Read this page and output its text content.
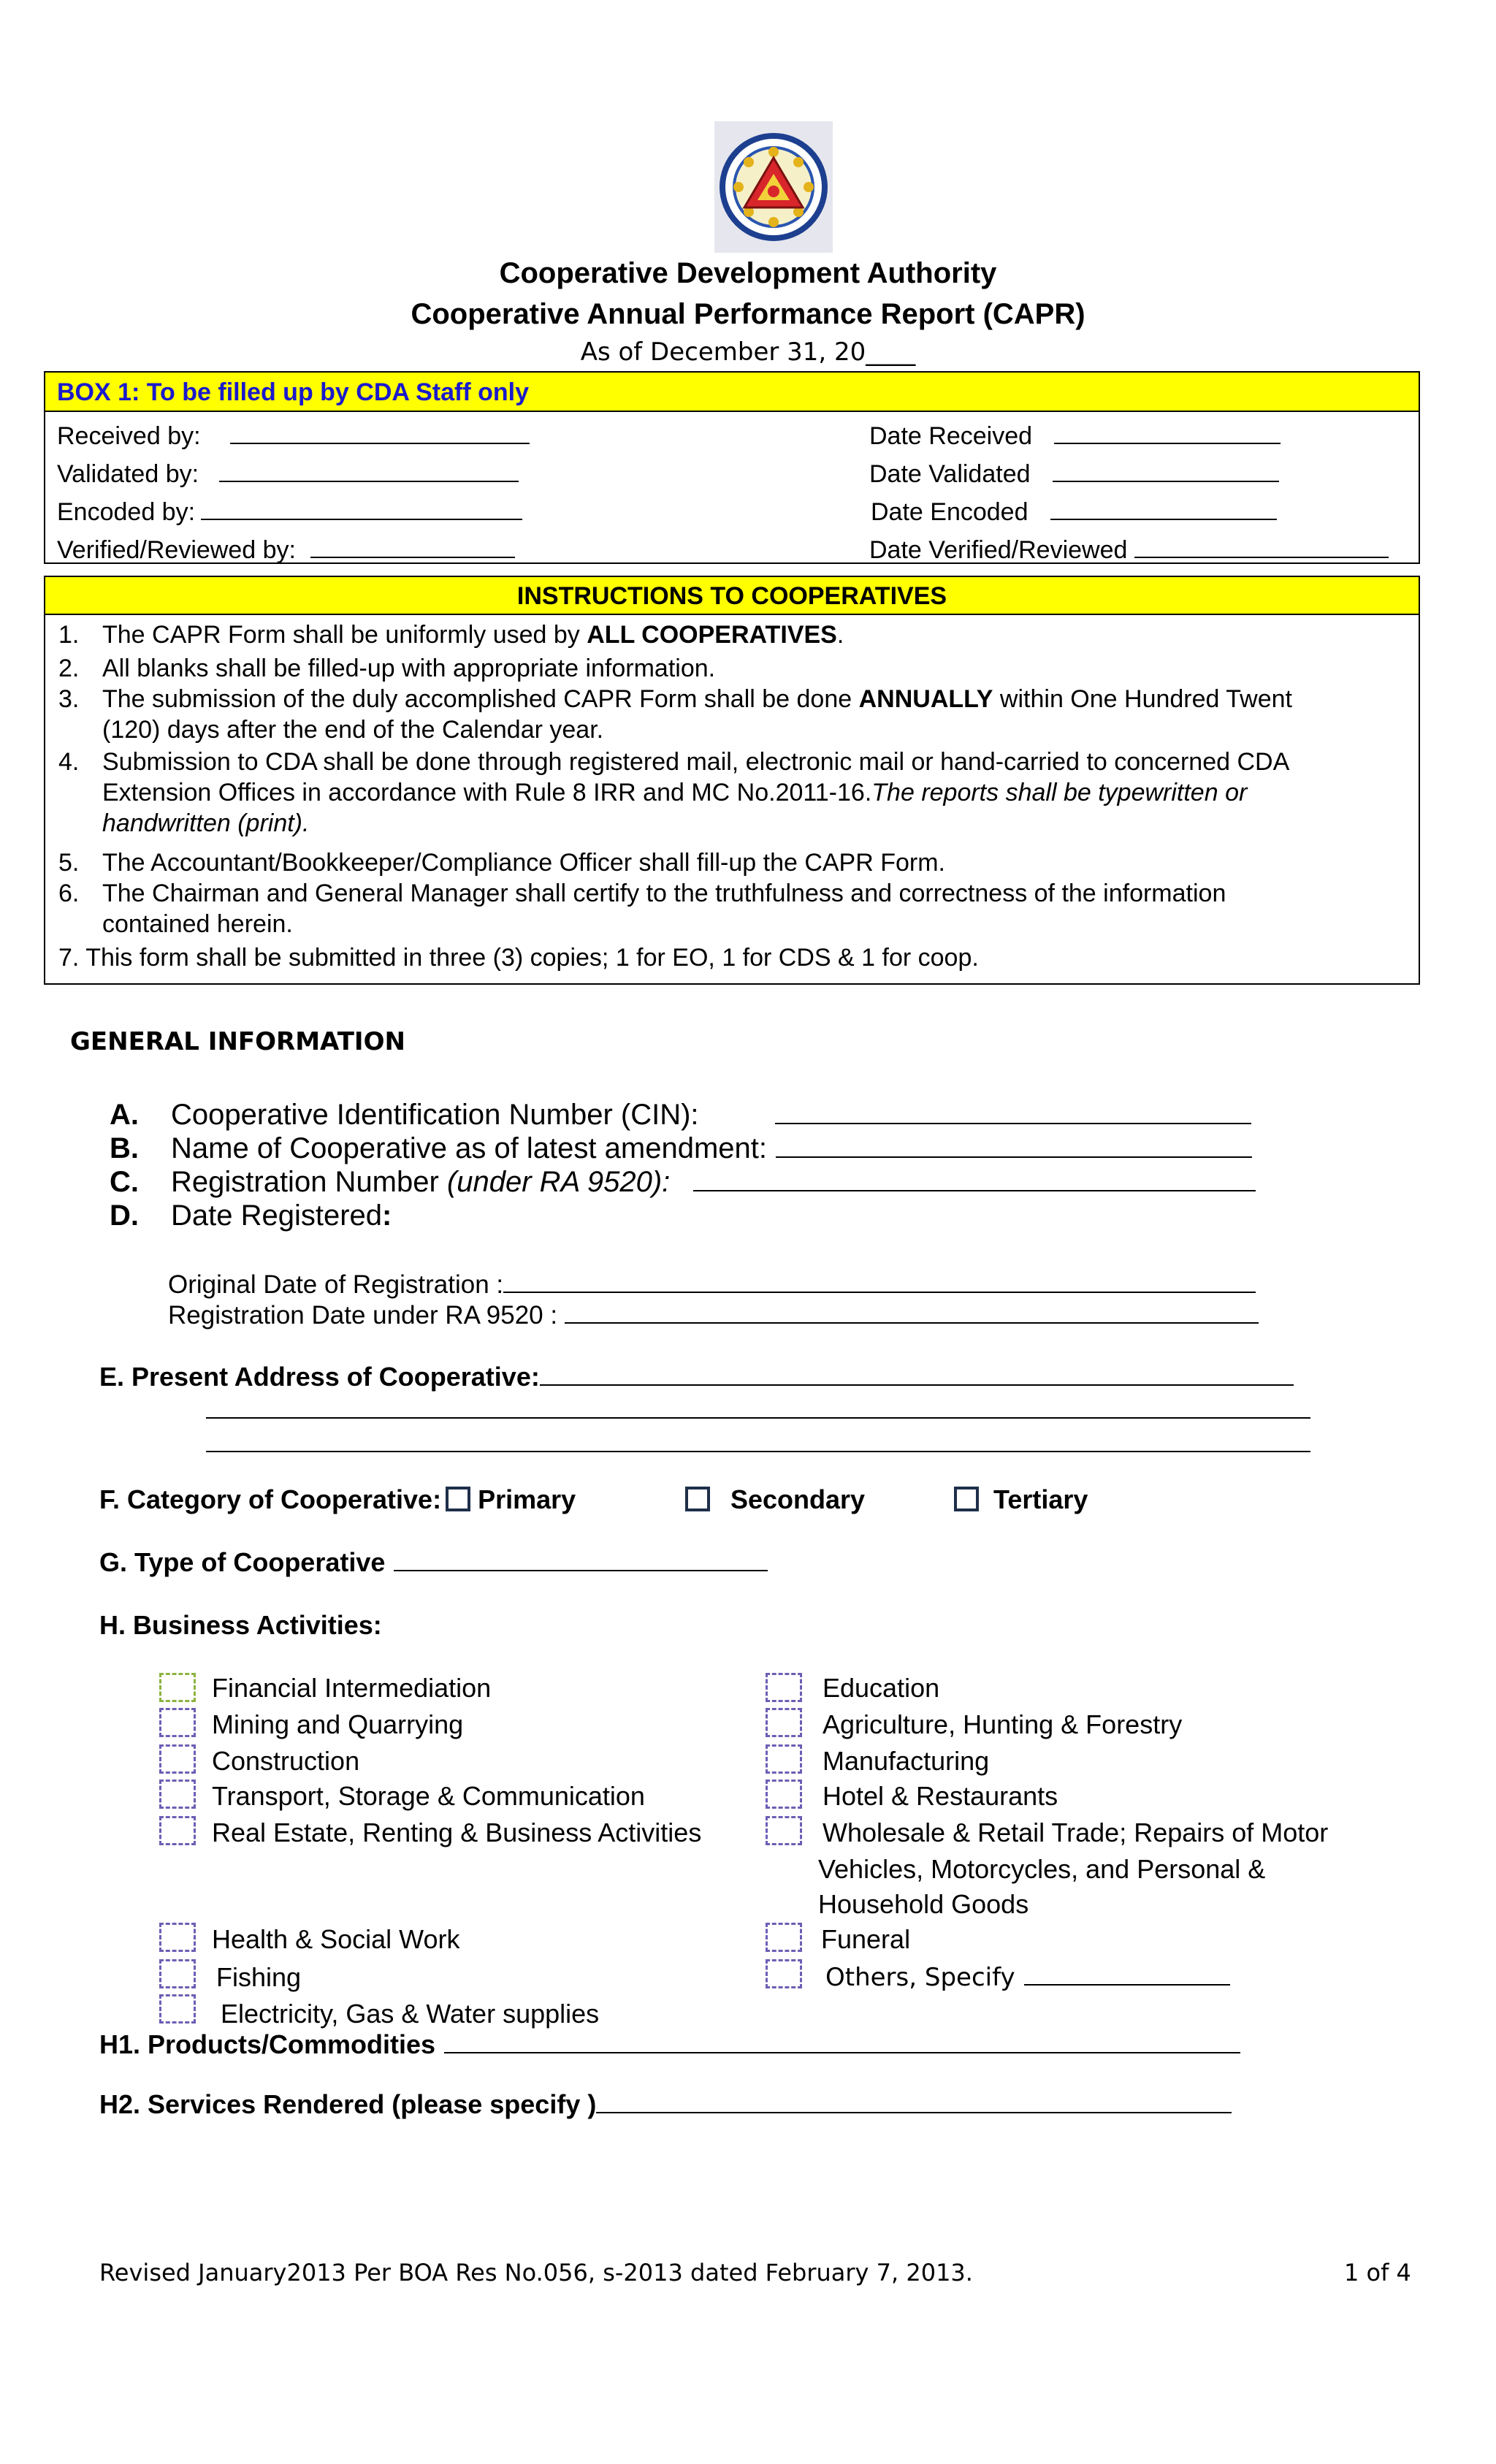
Cooperative Development Authority
Cooperative Annual Performance Report (CAPR)
As of December 31, 20____
BOX 1: To be filled up by CDA Staff only
Received by:
Validated by:
Encoded by:
Verified/Reviewed by:
Date Received
Date Validated
Date Encoded
Date Verified/Reviewed
INSTRUCTIONS TO COOPERATIVES
1. The CAPR Form shall be uniformly used by ALL COOPERATIVES.
2. All blanks shall be filled-up with appropriate information.
3. The submission of the duly accomplished CAPR Form shall be done ANNUALLY within One Hundred Twent
(120) days after the end of the Calendar year.
4. Submission to CDA shall be done through registered mail, electronic mail or hand-carried to concerned CDA
Extension Offices in accordance with Rule 8 IRR and MC No.2011-16.The reports shall be typewritten or
handwritten (print).
5. The Accountant/Bookkeeper/Compliance Officer shall fill-up the CAPR Form.
6. The Chairman and General Manager shall certify to the truthfulness and correctness of the information
contained herein.
7. This form shall be submitted in three (3) copies; 1 for EO, 1 for CDS & 1 for coop.
GENERAL INFORMATION
A. Cooperative Identification Number (CIN):
B. Name of Cooperative as of latest amendment:
C. Registration Number (under RA 9520):
D. Date Registered:
Original Date of Registration :
Registration Date under RA 9520 :
E. Present Address of Cooperative:
F. Category of Cooperative: Primary	Secondary	Tertiary
G. Type of Cooperative
H. Business Activities:
Financial Intermediation
Mining and Quarrying
Construction
Transport, Storage & Communication
Real Estate, Renting & Business Activities
Health & Social Work
Fishing
Electricity, Gas & Water supplies
Education
Agriculture, Hunting & Forestry
Manufacturing
Hotel & Restaurants
Wholesale & Retail Trade; Repairs of Motor
Vehicles, Motorcycles, and Personal &
Household Goods
Funeral
Others, Specify
H1. Products/Commodities
H2. Services Rendered (please specify )
Revised January2013 Per BOA Res No.056, s-2013 dated February 7, 2013.	1 of 4
